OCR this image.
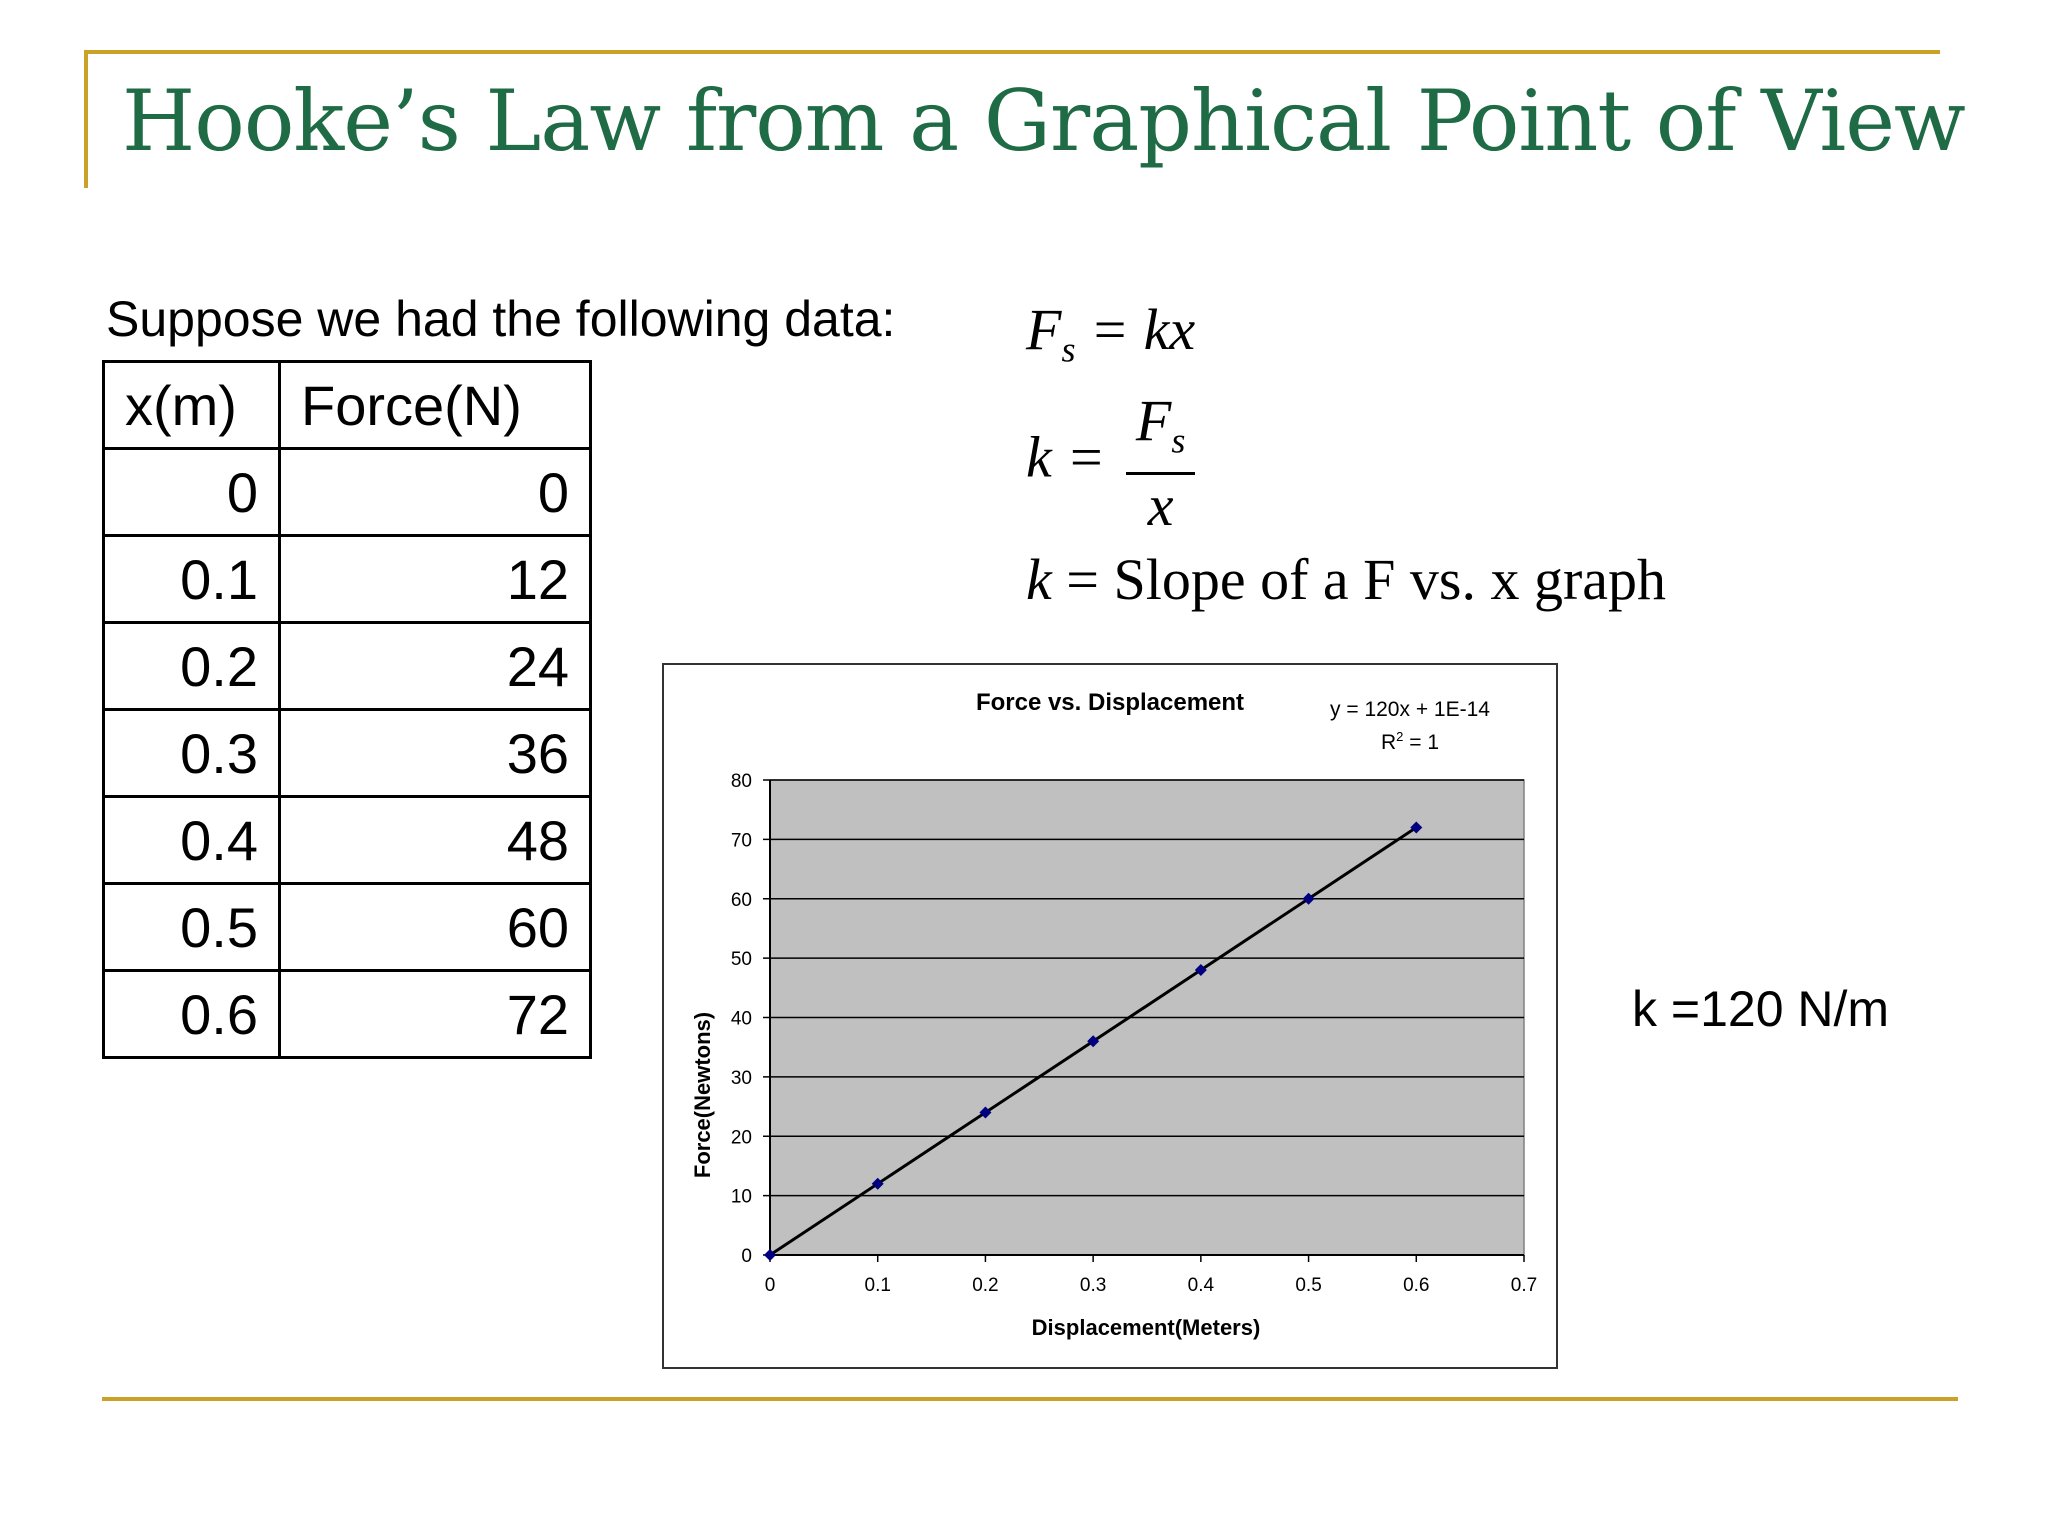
Hooke’s Law from a Graphical Point of View
Suppose we had the following data:
x(m)	Force(N)
0	0
0.1	12
0.2	24
0.3	36
0.4	48
0.5	60
0.6	72
$F_s$ = kx
$k = \frac{F_s}{x}$
k = Slope of a F vs. x graph
k =120 N/m
Force vs. Displacement	y = 120x + 1E-14
$R^2 = 1$
Displacement(Meters)
Force(Newtons)
0
10
20
30
40
50
60
70
80
0	0.1	0.2	0.3	0.4	0.5	0.6	0.7
